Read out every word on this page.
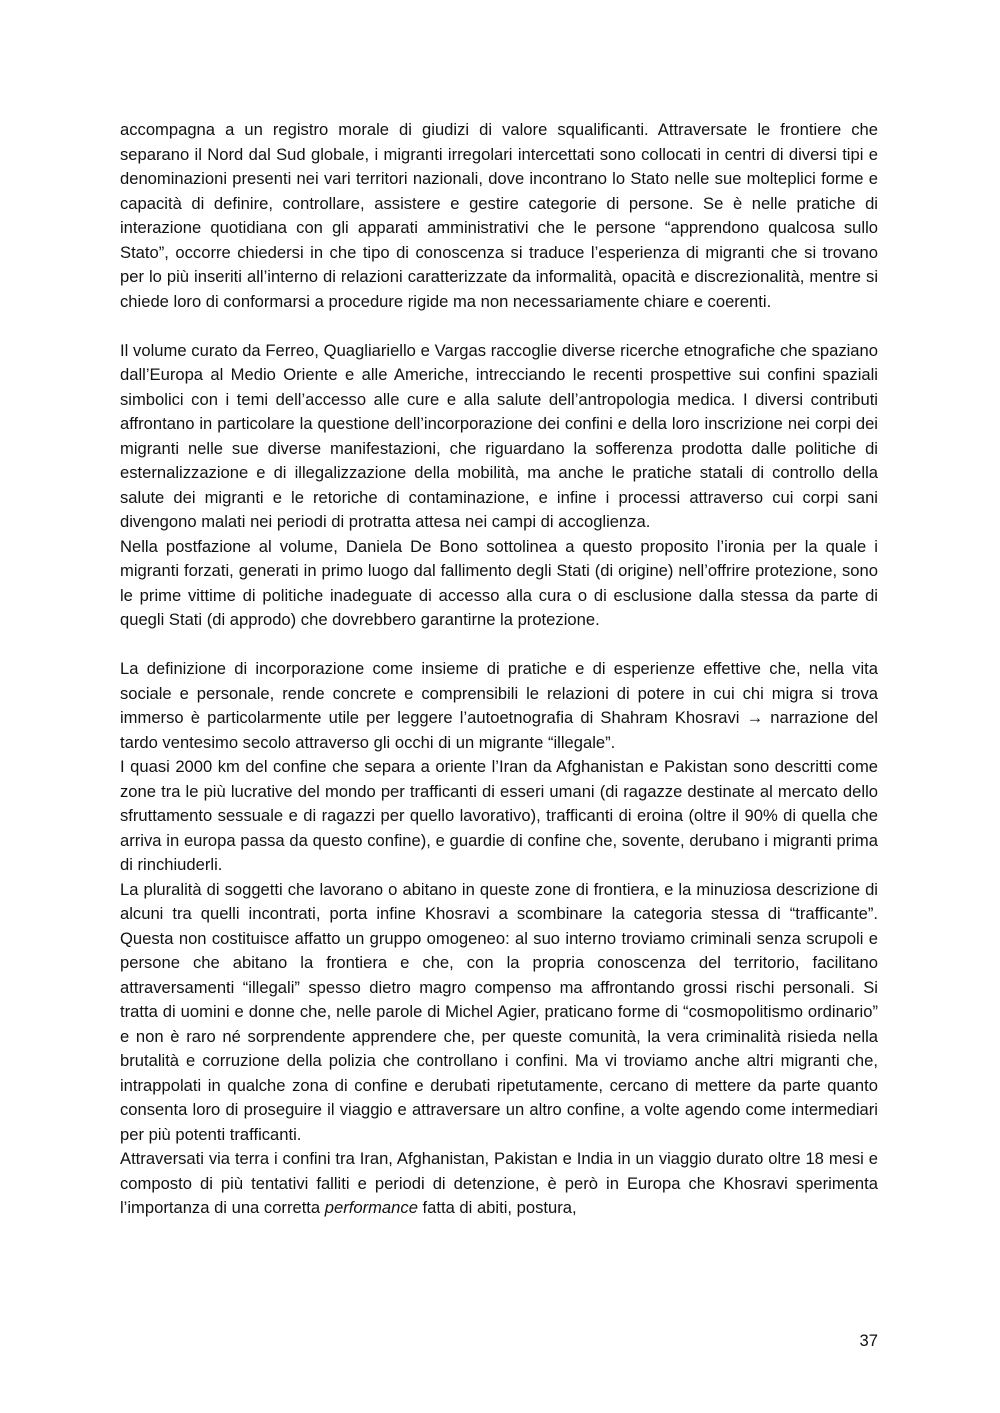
accompagna a un registro morale di giudizi di valore squalificanti. Attraversate le frontiere che separano il Nord dal Sud globale, i migranti irregolari intercettati sono collocati in centri di diversi tipi e denominazioni presenti nei vari territori nazionali, dove incontrano lo Stato nelle sue molteplici forme e capacità di definire, controllare, assistere e gestire categorie di persone. Se è nelle pratiche di interazione quotidiana con gli apparati amministrativi che le persone “apprendono qualcosa sullo Stato”, occorre chiedersi in che tipo di conoscenza si traduce l’esperienza di migranti che si trovano per lo più inseriti all’interno di relazioni caratterizzate da informalità, opacità e discrezionalità, mentre si chiede loro di conformarsi a procedure rigide ma non necessariamente chiare e coerenti.

Il volume curato da Ferreo, Quagliariello e Vargas raccoglie diverse ricerche etnografiche che spaziano dall’Europa al Medio Oriente e alle Americhe, intrecciando le recenti prospettive sui confini spaziali simbolici con i temi dell’accesso alle cure e alla salute dell’antropologia medica. I diversi contributi affrontano in particolare la questione dell’incorporazione dei confini e della loro inscrizione nei corpi dei migranti nelle sue diverse manifestazioni, che riguardano la sofferenza prodotta dalle politiche di esternalizzazione e di illegalizzazione della mobilità, ma anche le pratiche statali di controllo della salute dei migranti e le retoriche di contaminazione, e infine i processi attraverso cui corpi sani divengono malati nei periodi di protratta attesa nei campi di accoglienza.

Nella postfazione al volume, Daniela De Bono sottolinea a questo proposito l’ironia per la quale i migranti forzati, generati in primo luogo dal fallimento degli Stati (di origine) nell’offrire protezione, sono le prime vittime di politiche inadeguate di accesso alla cura o di esclusione dalla stessa da parte di quegli Stati (di approdo) che dovrebbero garantirne la protezione.

La definizione di incorporazione come insieme di pratiche e di esperienze effettive che, nella vita sociale e personale, rende concrete e comprensibili le relazioni di potere in cui chi migra si trova immerso è particolarmente utile per leggere l’autoetnografia di Shahram Khosravi → narrazione del tardo ventesimo secolo attraverso gli occhi di un migrante “illegale”.

I quasi 2000 km del confine che separa a oriente l’Iran da Afghanistan e Pakistan sono descritti come zone tra le più lucrative del mondo per trafficanti di esseri umani (di ragazze destinate al mercato dello sfruttamento sessuale e di ragazzi per quello lavorativo), trafficanti di eroina (oltre il 90% di quella che arriva in europa passa da questo confine), e guardie di confine che, sovente, derubano i migranti prima di rinchiuderli.

La pluralità di soggetti che lavorano o abitano in queste zone di frontiera, e la minuziosa descrizione di alcuni tra quelli incontrati, porta infine Khosravi a scombinare la categoria stessa di “trafficante”. Questa non costituisce affatto un gruppo omogeneo: al suo interno troviamo criminali senza scrupoli e persone che abitano la frontiera e che, con la propria conoscenza del territorio, facilitano attraversamenti “illegali” spesso dietro magro compenso ma affrontando grossi rischi personali. Si tratta di uomini e donne che, nelle parole di Michel Agier, praticano forme di “cosmopolitismo ordinario” e non è raro né sorprendente apprendere che, per queste comunità, la vera criminalità risieda nella brutalità e corruzione della polizia che controllano i confini. Ma vi troviamo anche altri migranti che, intrappolati in qualche zona di confine e derubati ripetutamente, cercano di mettere da parte quanto consenta loro di proseguire il viaggio e attraversare un altro confine, a volte agendo come intermediari per più potenti trafficanti.

Attraversati via terra i confini tra Iran, Afghanistan, Pakistan e India in un viaggio durato oltre 18 mesi e composto di più tentativi falliti e periodi di detenzione, è però in Europa che Khosravi sperimenta l’importanza di una corretta performance fatta di abiti, postura,

37
